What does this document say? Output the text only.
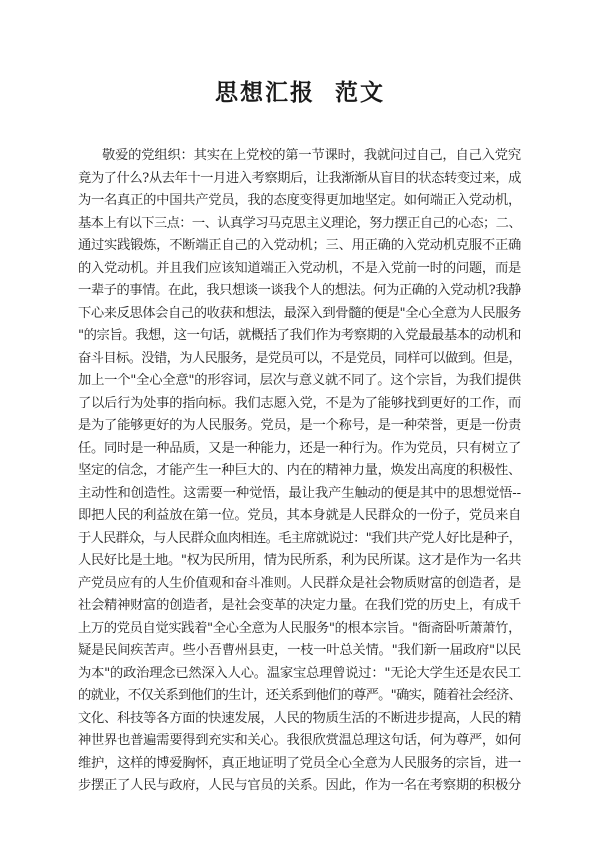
思想汇报  范文
敬爱的党组织：其实在上党校的第一节课时，我就问过自己，自己入党究
竟为了什么?从去年十一月进入考察期后，让我渐渐从盲目的状态转变过来，成
为一名真正的中国共产党员，我的态度变得更加地坚定。如何端正入党动机，
基本上有以下三点：一、认真学习马克思主义理论，努力摆正自己的心态；二、
通过实践锻炼，不断端正自己的入党动机；三、用正确的入党动机克服不正确
的入党动机。并且我们应该知道端正入党动机，不是入党前一时的问题，而是
一辈子的事情。在此，我只想谈一谈我个人的想法。何为正确的入党动机?我静
下心来反思体会自己的收获和想法，最深入到骨髓的便是"全心全意为人民服务
"的宗旨。我想，这一句话，就概括了我们作为考察期的入党最最基本的动机和
奋斗目标。没错，为人民服务，是党员可以，不是党员，同样可以做到。但是，
加上一个"全心全意"的形容词，层次与意义就不同了。这个宗旨，为我们提供
了以后行为处事的指向标。我们志愿入党，不是为了能够找到更好的工作，而
是为了能够更好的为人民服务。党员，是一个称号，是一种荣誉，更是一份责
任。同时是一种品质，又是一种能力，还是一种行为。作为党员，只有树立了
坚定的信念，才能产生一种巨大的、内在的精神力量，焕发出高度的积极性、
主动性和创造性。这需要一种觉悟，最让我产生触动的便是其中的思想觉悟--
即把人民的利益放在第一位。党员，其本身就是人民群众的一份子，党员来自
于人民群众，与人民群众血肉相连。毛主席就说过："我们共产党人好比是种子，
人民好比是土地。"权为民所用，情为民所系，利为民所谋。这才是作为一名共
产党员应有的人生价值观和奋斗准则。人民群众是社会物质财富的创造者，是
社会精神财富的创造者，是社会变革的决定力量。在我们党的历史上，有成千
上万的党员自觉实践着"全心全意为人民服务"的根本宗旨。"衙斋卧听萧萧竹，
疑是民间疾苦声。些小吾曹州县吏，一枝一叶总关情。"我们新一届政府"以民
为本"的政治理念已然深入人心。温家宝总理曾说过："无论大学生还是农民工
的就业，不仅关系到他们的生计，还关系到他们的尊严。"确实，随着社会经济、
文化、科技等各方面的快速发展，人民的物质生活的不断进步提高，人民的精
神世界也普遍需要得到充实和关心。我很欣赏温总理这句话，何为尊严，如何
维护，这样的博爱胸怀，真正地证明了党员全心全意为人民服务的宗旨，进一
步摆正了人民与政府，人民与官员的关系。因此，作为一名在考察期的积极分
